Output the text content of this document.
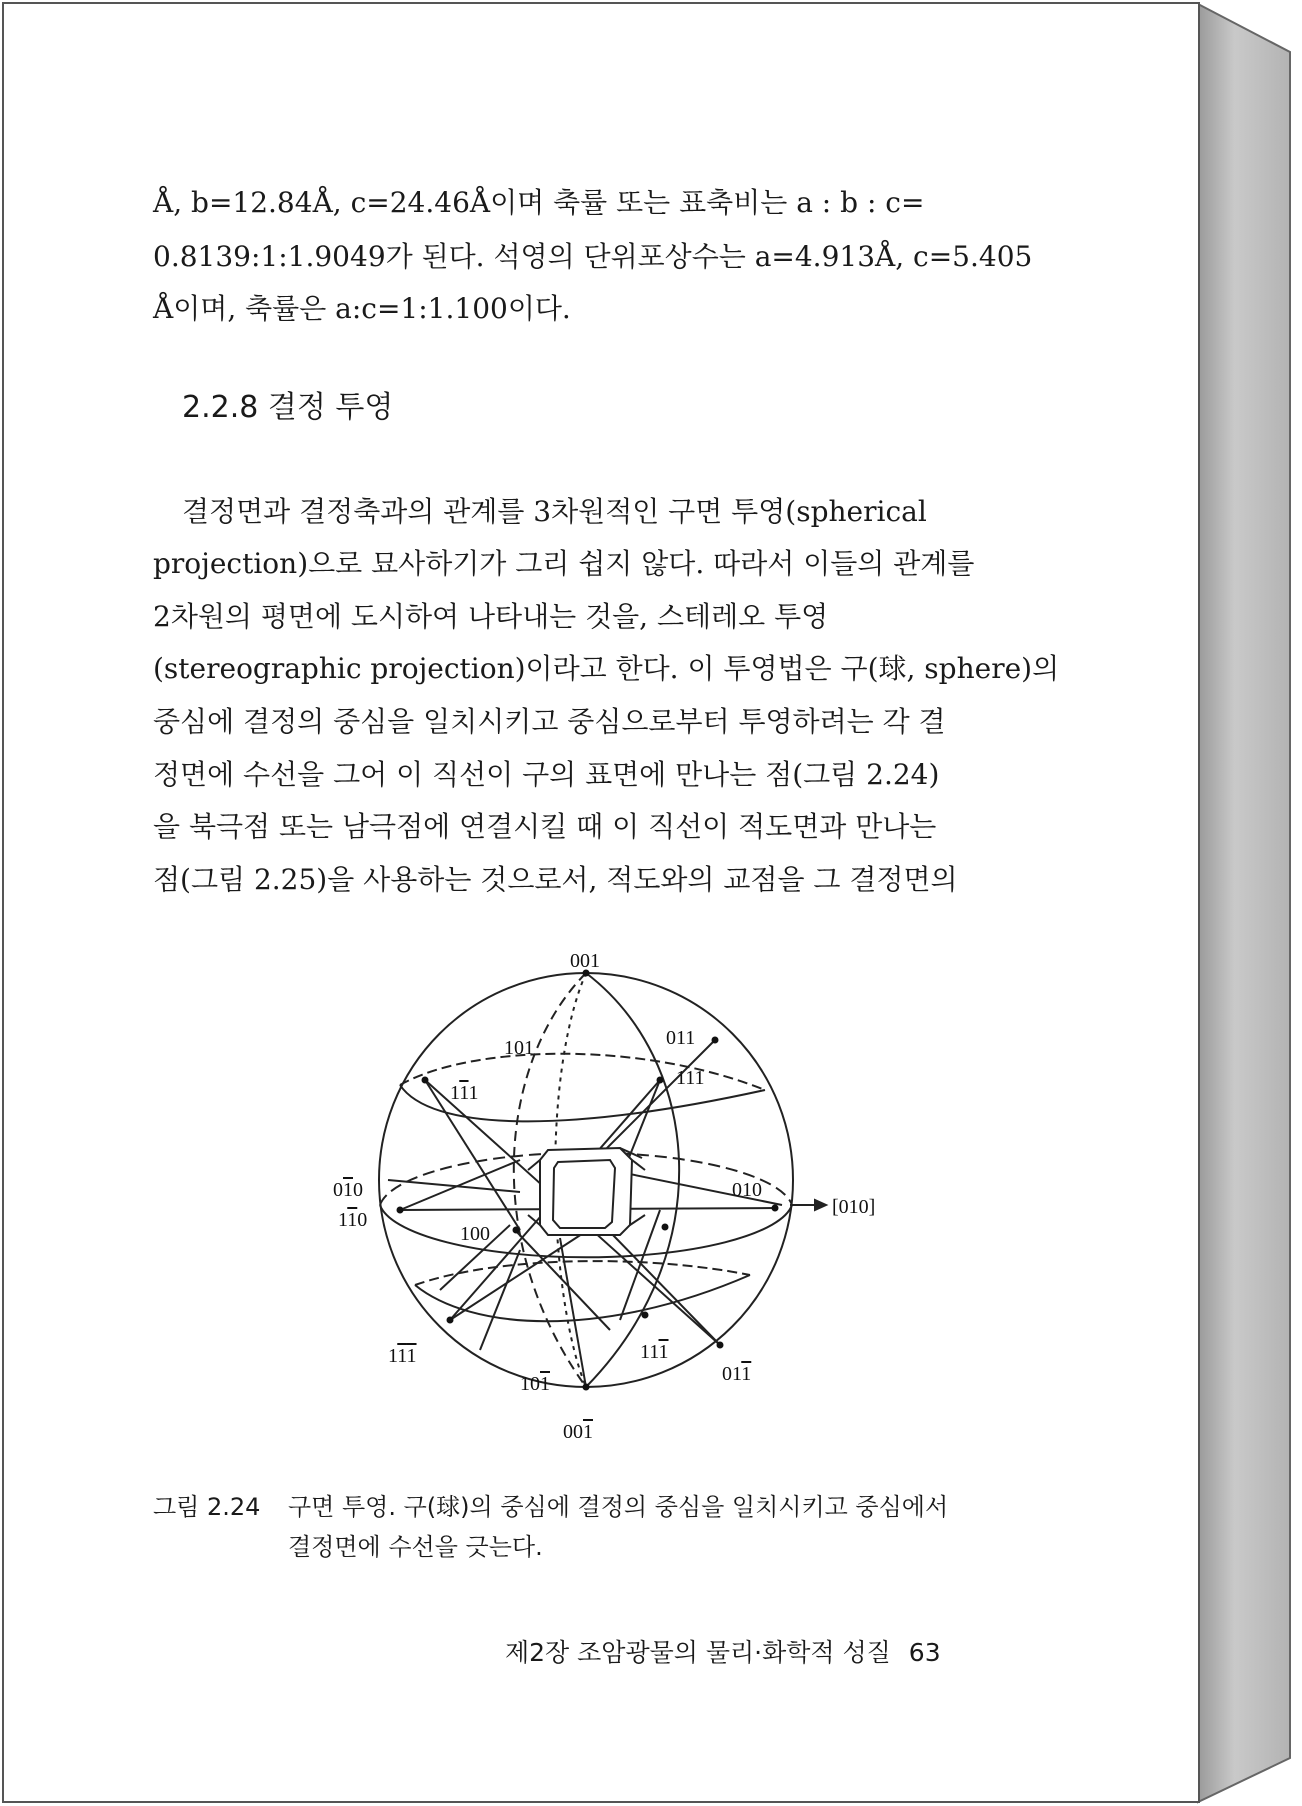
Å, b=12.84Å, c=24.46Å이며 축률 또는 표축비는 a : b : c=
0.8139:1:1.9049가 된다. 석영의 단위포상수는 a=4.913Å, c=5.405
Å이며, 축률은 a:c=1:1.100이다.
2.2.8 결정 투영
결정면과 결정축과의 관계를 3차원적인 구면 투영(spherical
projection)으로 묘사하기가 그리 쉽지 않다. 따라서 이들의 관계를
2차원의 평면에 도시하여 나타내는 것을, 스테레오 투영
(stereographic projection)이라고 한다. 이 투영법은 구(球, sphere)의
중심에 결정의 중심을 일치시키고 중심으로부터 투영하려는 각 결
정면에 수선을 그어 이 직선이 구의 표면에 만나는 점(그림 2.24)
을 북극점 또는 남극점에 연결시킬 때 이 직선이 적도면과 만나는
점(그림 2.25)을 사용하는 것으로서, 적도와의 교점을 그 결정면의
001
101	011
111
111
010
110
100
010
[010]
111	111
011
101
001
그림 2.24 구면 투영. 구(球)의 중심에 결정의 중심을 일치시키고 중심에서
결정면에 수선을 긋는다.
제2장 조암광물의 물리·화학적 성질 63
